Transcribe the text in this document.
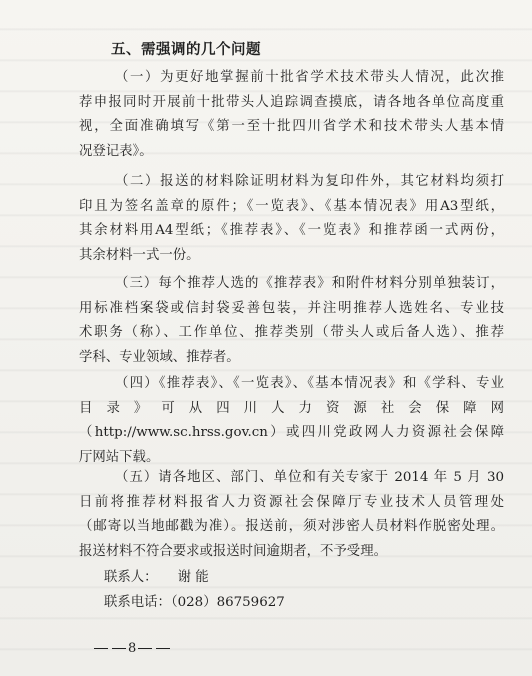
五、需强调的几个问题
（一）为更好地掌握前十批省学术技术带头人情况，此次推
荐申报同时开展前十批带头人追踪调查摸底，请各地各单位高度重
视，全面准确填写《第一至十批四川省学术和技术带头人基本情
况登记表》。
（二）报送的材料除证明材料为复印件外，其它材料均须打
印且为签名盖章的原件；《一览表》、《基本情况表》用A3型纸，
其余材料用A4型纸；《推荐表》、《一览表》和推荐函一式两份，
其余材料一式一份。
（三）每个推荐人选的《推荐表》和附件材料分别单独装订，
用标准档案袋或信封袋妥善包装，并注明推荐人选姓名、专业技
术职务（称）、工作单位、推荐类别（带头人或后备人选）、推荐
学科、专业领域、推荐者。
（四）《推荐表》、《一览表》、《基本情况表》和《学科、专业
目 录 》 可 从 四 川 人 力 资 源 社 会 保 障 网
（http://www.sc.hrss.gov.cn）或四川党政网人力资源社会保障
厅网站下载。
（五）请各地区、部门、单位和有关专家于 2014 年 5 月 30
日前将推荐材料报省人力资源社会保障厅专业技术人员管理处
（邮寄以当地邮戳为准）。报送前，须对涉密人员材料作脱密处理。
报送材料不符合要求或报送时间逾期者，不予受理。
联系人： 谢 能
联系电话：（028）86759627
8
